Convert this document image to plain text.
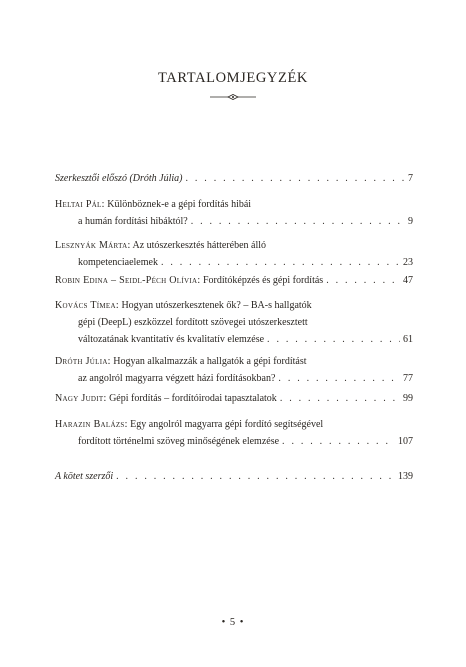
TARTALOMJEGYZÉK
Szerkesztői előszó (Dróth Júlia) . . .	7
Heltai Pál: Különböznek-e a gépi fordítás hibái
a humán fordítási hibáktól? . . .	9
Lesznyák Márta: Az utószerkesztés hátterében álló
kompetenciaelemek . . .	23
Robin Edina – Seidl-Péch Olívia: Fordítóképzés és gépi fordítás . . .	47
Kovács Tímea: Hogyan utószerkesztenek ők? – BA-s hallgatók
gépi (DeepL) eszközzel fordított szövegei utószerkesztett
változatának kvantitatív és kvalitatív elemzése . . .	61
Dróth Júlia: Hogyan alkalmazzák a hallgatók a gépi fordítást
az angolról magyarra végzett házi fordításokban? . . .	77
Nagy Judit: Gépi fordítás – fordítóirodai tapasztalatok . . .	99
Harazin Balázs: Egy angolról magyarra gépi fordító segítségével
fordított történelmi szöveg minőségének elemzése . . .	107
A kötet szerzői . . .	139
• 5 •
